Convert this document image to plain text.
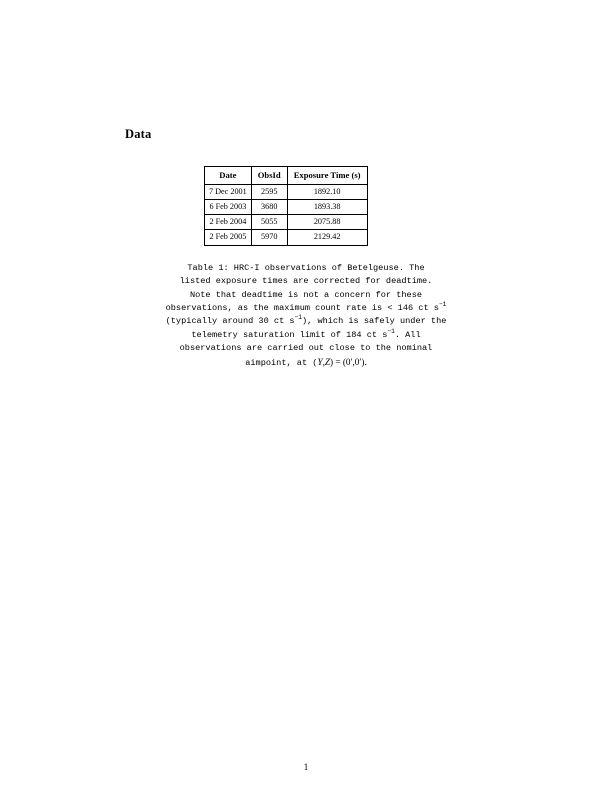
Data
Date	ObsId	Exposure Time (s)
7 Dec 2001	2595	1892.10
6 Feb 2003	3680	1893.38
2 Feb 2004	5055	2075.88
2 Feb 2005	5970	2129.42
Table 1: HRC-I observations of Betelgeuse. The
listed exposure times are corrected for deadtime.
Note that deadtime is not a concern for these
observations, as the maximum count rate is < 146 ct $s^{-1}$
(typically around 30 ct $s^{-1}$), which is safely under the
telemetry saturation limit of 184 ct $s^{-1}$. All
observations are carried out close to the nominal
aimpoint, at (Y,Z) = (0′,0′).
1
